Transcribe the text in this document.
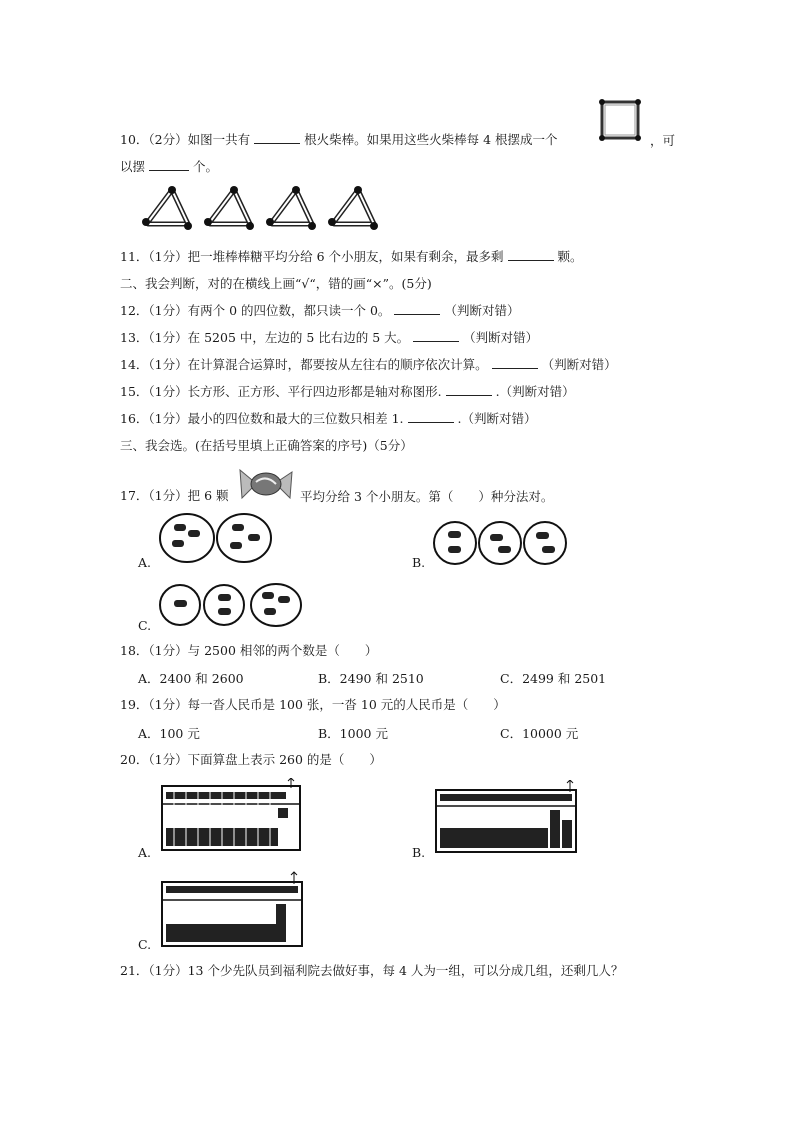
10．（2分）如图一共有	根火柴棒。如果用这些火柴棒每 4 根摆成一个	，可
以摆	个。
11．（1分）把一堆棒棒糖平均分给 6 个小朋友，如果有剩余，最多剩	颗。
二、我会判断，对的在横线上画“√“，错的画“×”。(5分)
12．（1分）有两个 0 的四位数，都只读一个 0。	（判断对错）
13．（1分）在 5205 中，左边的 5 比右边的 5 大。	（判断对错）
14．（1分）在计算混合运算时，都要按从左往右的顺序依次计算。	（判断对错）
15．（1分）长方形、正方形、平行四边形都是轴对称图形.	.（判断对错）
16．（1分）最小的四位数和最大的三位数只相差 1.	.（判断对错）
三、我会选。(在括号里填上正确答案的序号)（5分）
17．（1分）把 6 颗	平均分给 3 个小朋友。第（　　）种分法对。
A.	B.
C.
18．（1分）与 2500 相邻的两个数是（　　）
A．2400 和 2600	B．2490 和 2510	C．2499 和 2501
19．（1分）每一沓人民币是 100 张，一沓 10 元的人民币是（　　）
A．100 元	B．1000 元	C．10000 元
20．（1分）下面算盘上表示 260 的是（　　）
A.	B.
C.
21．（1分）13 个少先队员到福利院去做好事，每 4 人为一组，可以分成几组，还剩几人？
